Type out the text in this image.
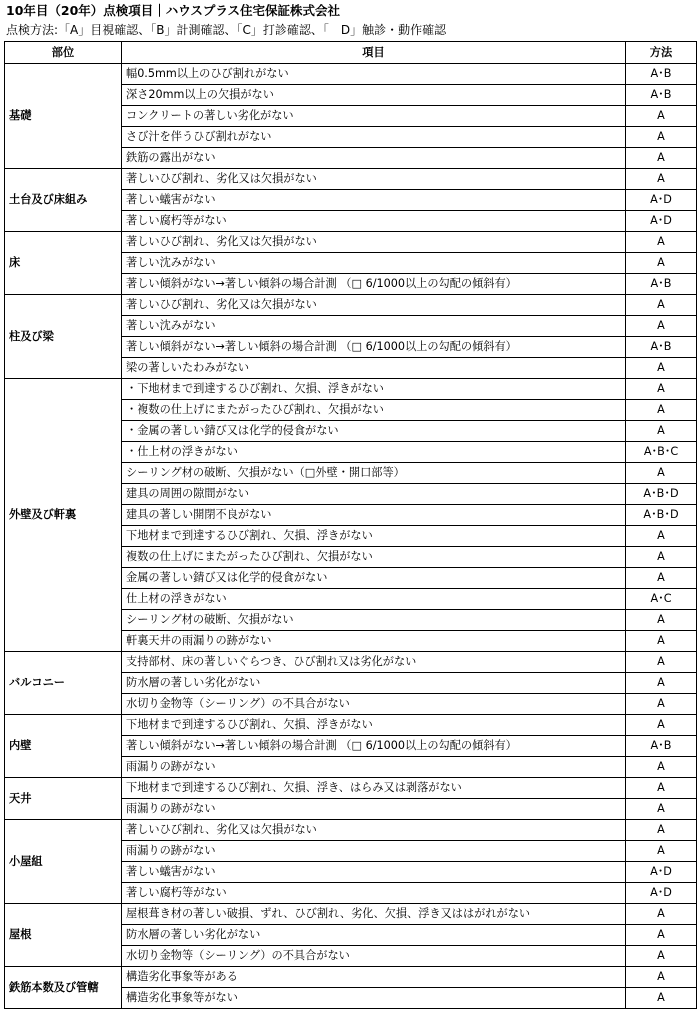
10年目（20年）点検項目｜ハウスプラス住宅保証株式会社
点検方法:「A」目視確認、「B」計測確認、「C」打診確認、「　D」触診・動作確認
部位	項目	方法
基礎	幅0.5mm以上のひび割れがない	A･B
	深さ20mm以上の欠損がない	A･B
	コンクリートの著しい劣化がない	A
	さび汁を伴うひび割れがない	A
	鉄筋の露出がない	A
土台及び床組み	著しいひび割れ、劣化又は欠損がない	A
	著しい蟻害がない	A･D
	著しい腐朽等がない	A･D
床	著しいひび割れ、劣化又は欠損がない	A
	著しい沈みがない	A
	著しい傾斜がない→著しい傾斜の場合計測 （□ 6/1000以上の勾配の傾斜有）	A･B
柱及び梁	著しいひび割れ、劣化又は欠損がない	A
	著しい沈みがない	A
	著しい傾斜がない→著しい傾斜の場合計測 （□ 6/1000以上の勾配の傾斜有）	A･B
	梁の著しいたわみがない	A
外壁及び軒裏	・下地材まで到達するひび割れ、欠損、浮きがない	A
	・複数の仕上げにまたがったひび割れ、欠損がない	A
	・金属の著しい錆び又は化学的侵食がない	A
	・仕上材の浮きがない	A･B･C
	シーリング材の破断、欠損がない（□外壁・開口部等）	A
	建具の周囲の隙間がない	A･B･D
	建具の著しい開閉不良がない	A･B･D
	下地材まで到達するひび割れ、欠損、浮きがない	A
	複数の仕上げにまたがったひび割れ、欠損がない	A
	金属の著しい錆び又は化学的侵食がない	A
	仕上材の浮きがない	A･C
	シーリング材の破断、欠損がない	A
	軒裏天井の雨漏りの跡がない	A
バルコニー	支持部材、床の著しいぐらつき、ひび割れ又は劣化がない	A
	防水層の著しい劣化がない	A
	水切り金物等（シーリング）の不具合がない	A
内壁	下地材まで到達するひび割れ、欠損、浮きがない	A
	著しい傾斜がない→著しい傾斜の場合計測 （□ 6/1000以上の勾配の傾斜有）	A･B
	雨漏りの跡がない	A
天井	下地材まで到達するひび割れ、欠損、浮き、はらみ又は剥落がない	A
	雨漏りの跡がない	A
小屋組	著しいひび割れ、劣化又は欠損がない	A
	雨漏りの跡がない	A
	著しい蟻害がない	A･D
	著しい腐朽等がない	A･D
屋根	屋根葺き材の著しい破損、ずれ、ひび割れ、劣化、欠損、浮き又ははがれがない	A
	防水層の著しい劣化がない	A
	水切り金物等（シーリング）の不具合がない	A
鉄筋本数及び管轄	構造劣化事象等がある	A
	構造劣化事象等がない	A
